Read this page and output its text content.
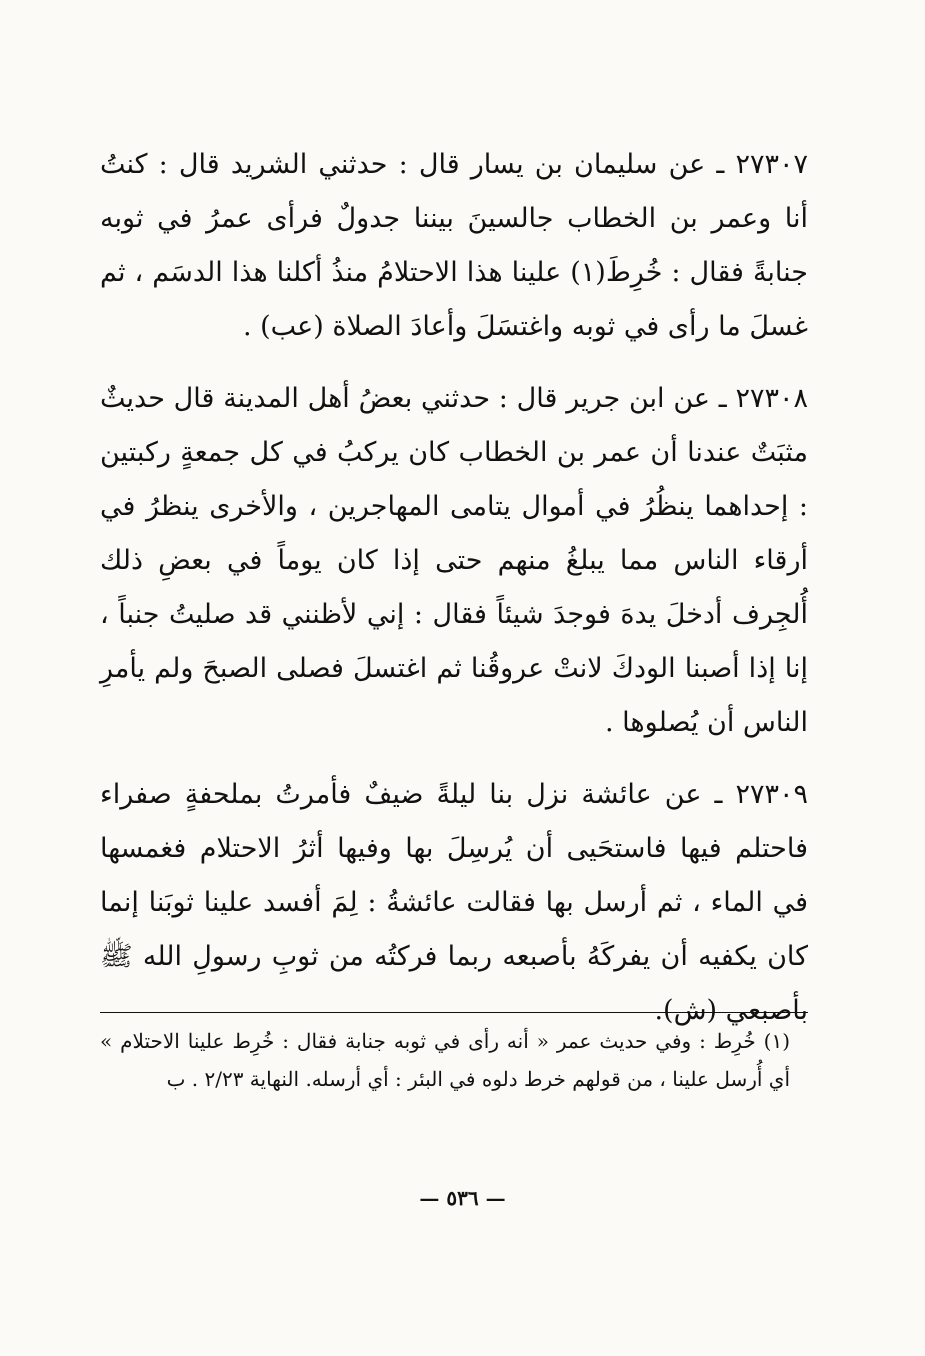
٢٧٣٠٧ ـ عن سليمان بن يسار قال : حدثني الشريد قال : كنتُ أنا وعمر بن الخطاب جالسينَ بيننا جدولٌ فرأى عمرُ في ثوبه جنابةً فقال : خُرِطَ(١) علينا هذا الاحتلامُ منذُ أكلنا هذا الدسَم ، ثم غسلَ ما رأى في ثوبه واغتسَلَ وأعادَ الصلاة (عب) .

٢٧٣٠٨ ـ عن ابن جرير قال : حدثني بعضُ أهل المدينة قال حديثٌ مثبَتٌ عندنا أن عمر بن الخطاب كان يركبُ في كل جمعةٍ ركبتين : إحداهما ينظُرُ في أموال يتامى المهاجرين ، والأخرى ينظرُ في أرقاء الناس مما يبلغُ منهم حتى إذا كان يوماً في بعضِ ذلك أُلجِرف أدخلَ يدهَ فوجدَ شيئاً فقال : إني لأظنني قد صليتُ جنباً ، إنا إذا أصبنا الودكَ لانتْ عروقُنا ثم اغتسلَ فصلى الصبحَ ولم يأمرِ الناس أن يُصلوها .

٢٧٣٠٩ ـ عن عائشة نزل بنا ليلةً ضيفٌ فأمرتُ بملحفةٍ صفراء فاحتلم فيها فاستحَيى أن يُرسِلَ بها وفيها أثرُ الاحتلام فغمسها في الماء ، ثم أرسل بها فقالت عائشةُ : لِمَ أفسد علينا ثوبَنا إنما كان يكفيه أن يفركَهُ بأصبعه ربما فركتُه من ثوبِ رسولِ الله ﷺ بأصبعي (ش).

(١) خُرِط : وفي حديث عمر « أنه رأى في ثوبه جنابة فقال : خُرِط علينا الاحتلام » أي أُرسل علينا ، من قولهم خرط دلوه في البئر : أي أرسله. النهاية ٢/٢٣ . ب
— ٥٣٦ —
